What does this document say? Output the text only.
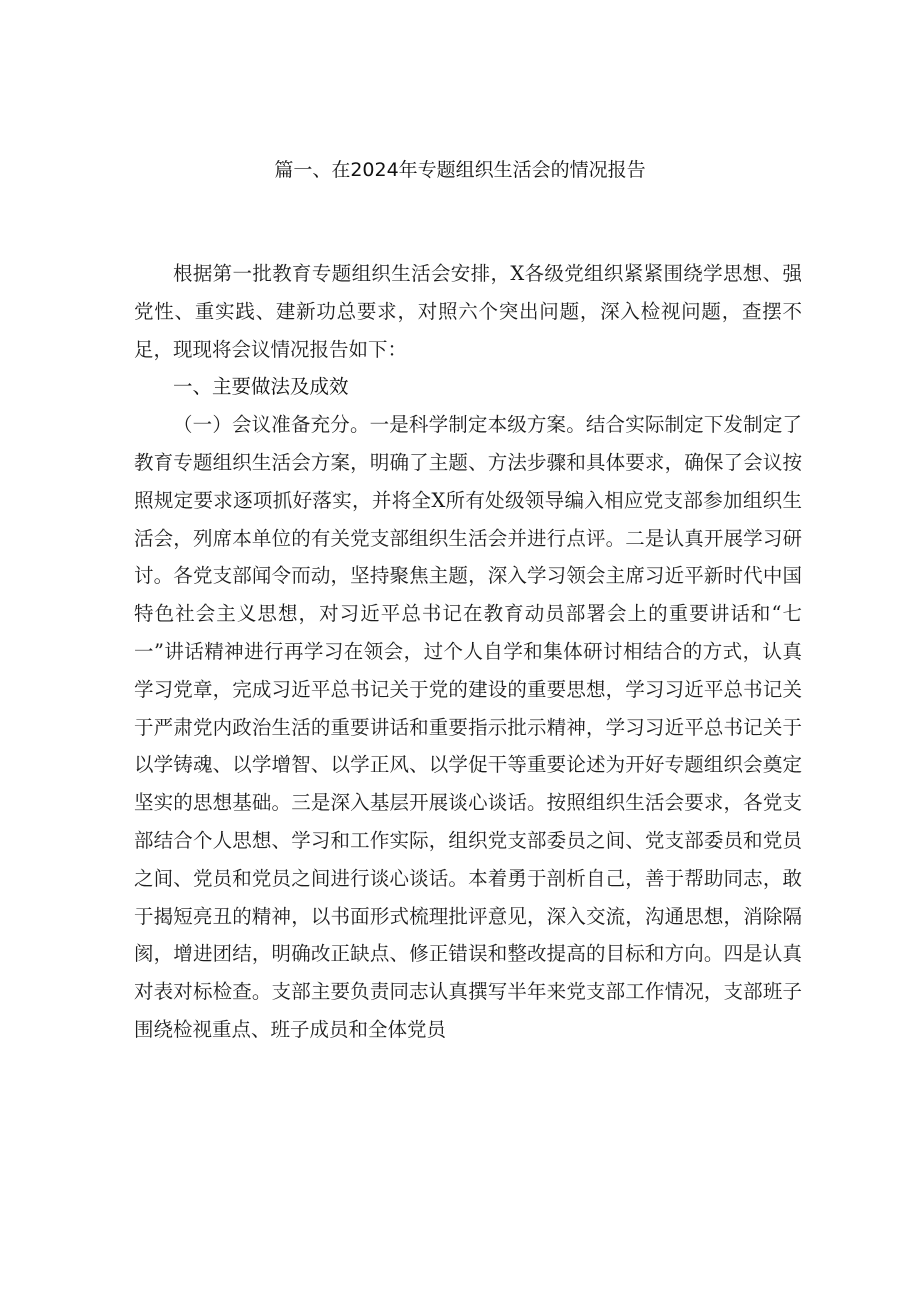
篇一、在2024年专题组织生活会的情况报告

根据第一批教育专题组织生活会安排，X各级党组织紧紧围绕学思想、强党性、重实践、建新功总要求，对照六个突出问题，深入检视问题，查摆不足，现现将会议情况报告如下：

一、主要做法及成效

（一）会议准备充分。一是科学制定本级方案。结合实际制定下发制定了教育专题组织生活会方案，明确了主题、方法步骤和具体要求，确保了会议按照规定要求逐项抓好落实，并将全X所有处级领导编入相应党支部参加组织生活会，列席本单位的有关党支部组织生活会并进行点评。二是认真开展学习研讨。各党支部闻令而动，坚持聚焦主题，深入学习领会主席习近平新时代中国特色社会主义思想，对习近平总书记在教育动员部署会上的重要讲话和“七一”讲话精神进行再学习在领会，过个人自学和集体研讨相结合的方式，认真学习党章，完成习近平总书记关于党的建设的重要思想，学习习近平总书记关于严肃党内政治生活的重要讲话和重要指示批示精神，学习习近平总书记关于以学铸魂、以学增智、以学正风、以学促干等重要论述为开好专题组织会奠定坚实的思想基础。三是深入基层开展谈心谈话。按照组织生活会要求，各党支部结合个人思想、学习和工作实际，组织党支部委员之间、党支部委员和党员之间、党员和党员之间进行谈心谈话。本着勇于剖析自己，善于帮助同志，敢于揭短亮丑的精神，以书面形式梳理批评意见，深入交流，沟通思想，消除隔阂，增进团结，明确改正缺点、修正错误和整改提高的目标和方向。四是认真对表对标检查。支部主要负责同志认真撰写半年来党支部工作情况，支部班子围绕检视重点、班子成员和全体党员
